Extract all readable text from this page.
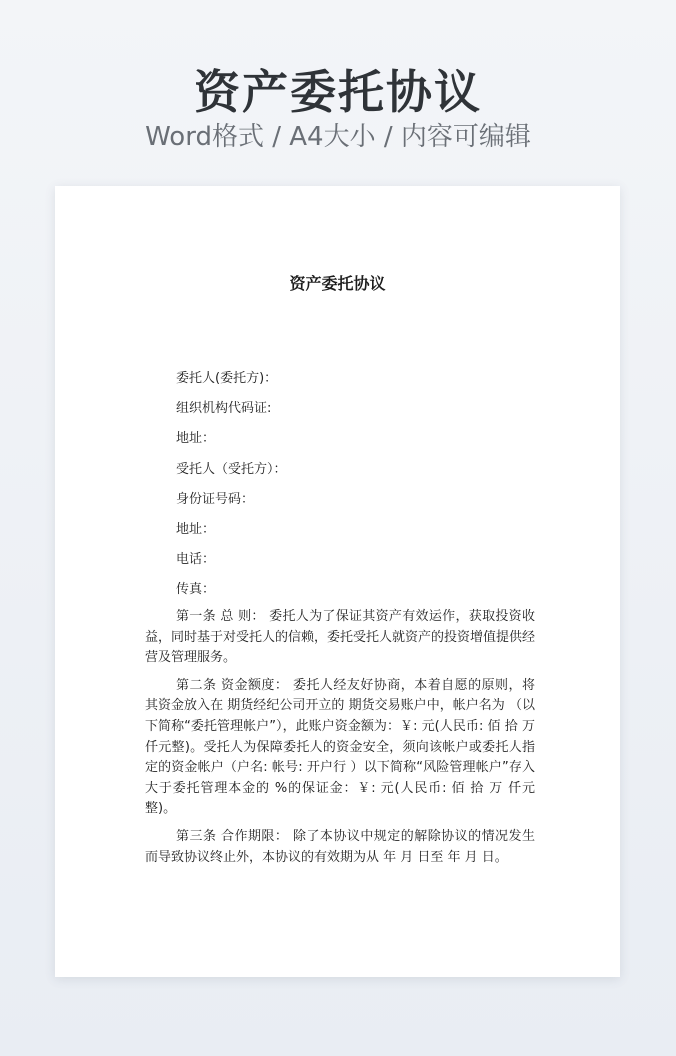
资产委托协议
Word格式 / A4大小 / 内容可编辑
资产委托协议
委托人(委托方)：
组织机构代码证:
地址：
受托人（受托方）：
身份证号码：
地址：
电话：
传真：

第一条 总 则： 委托人为了保证其资产有效运作，获取投资收益，同时基于对受托人的信赖，委托受托人就资产的投资增值提供经营及管理服务。

第二条 资金额度： 委托人经友好协商，本着自愿的原则，将其资金放入在 期货经纪公司开立的 期货交易账户中，帐户名为 （以下简称“委托管理帐户”），此账户资金额为：￥: 元(人民币: 佰 拾 万 仟元整)。受托人为保障委托人的资金安全，须向该帐户或委托人指定的资金帐户（户名: 帐号: 开户行 ）以下简称“风险管理帐户”存入大于委托管理本金的 %的保证金：￥: 元(人民币: 佰 拾 万 仟元整)。

第三条 合作期限： 除了本协议中规定的解除协议的情况发生而导致协议终止外，本协议的有效期为从 年 月 日至 年 月 日。
